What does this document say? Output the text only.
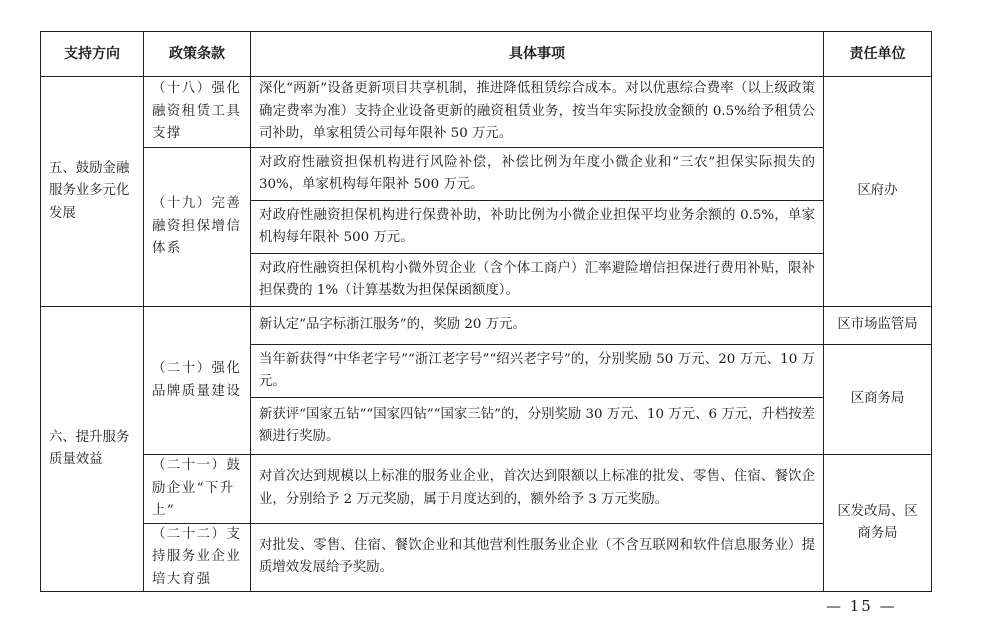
支持方向	政策条款	具体事项	责任单位
五、鼓励金融服务业多元化发展	（十八）强化融资租赁工具支撑	深化“两新”设备更新项目共享机制，推进降低租赁综合成本。对以优惠综合费率（以上级政策确定费率为准）支持企业设备更新的融资租赁业务，按当年实际投放金额的 0.5%给予租赁公司补助，单家租赁公司每年限补 50 万元。	区府办
	（十九）完善融资担保增信体系	对政府性融资担保机构进行风险补偿，补偿比例为年度小微企业和“三农”担保实际损失的 30%，单家机构每年限补 500 万元。	
		对政府性融资担保机构进行保费补助，补助比例为小微企业担保平均业务余额的 0.5%，单家机构每年限补 500 万元。	
		对政府性融资担保机构小微外贸企业（含个体工商户）汇率避险增信担保进行费用补贴，限补担保费的 1%（计算基数为担保保函额度）。	
六、提升服务质量效益	（二十）强化品牌质量建设	新认定“品字标浙江服务”的，奖励 20 万元。	区市场监管局
		当年新获得“中华老字号”“浙江老字号”“绍兴老字号”的，分别奖励 50 万元、20 万元、10 万元。	区商务局
		新获评“国家五钻”“国家四钻”“国家三钻”的，分别奖励 30 万元、10 万元、6 万元，升档按差额进行奖励。	
	（二十一）鼓励企业“下升上”	对首次达到规模以上标准的服务业企业，首次达到限额以上标准的批发、零售、住宿、餐饮企业，分别给予 2 万元奖励，属于月度达到的，额外给予 3 万元奖励。	区发改局、区商务局
	（二十二）支持服务业企业培大育强	对批发、零售、住宿、餐饮企业和其他营利性服务业企业（不含互联网和软件信息服务业）提质增效发展给予奖励。	
— 15 —
